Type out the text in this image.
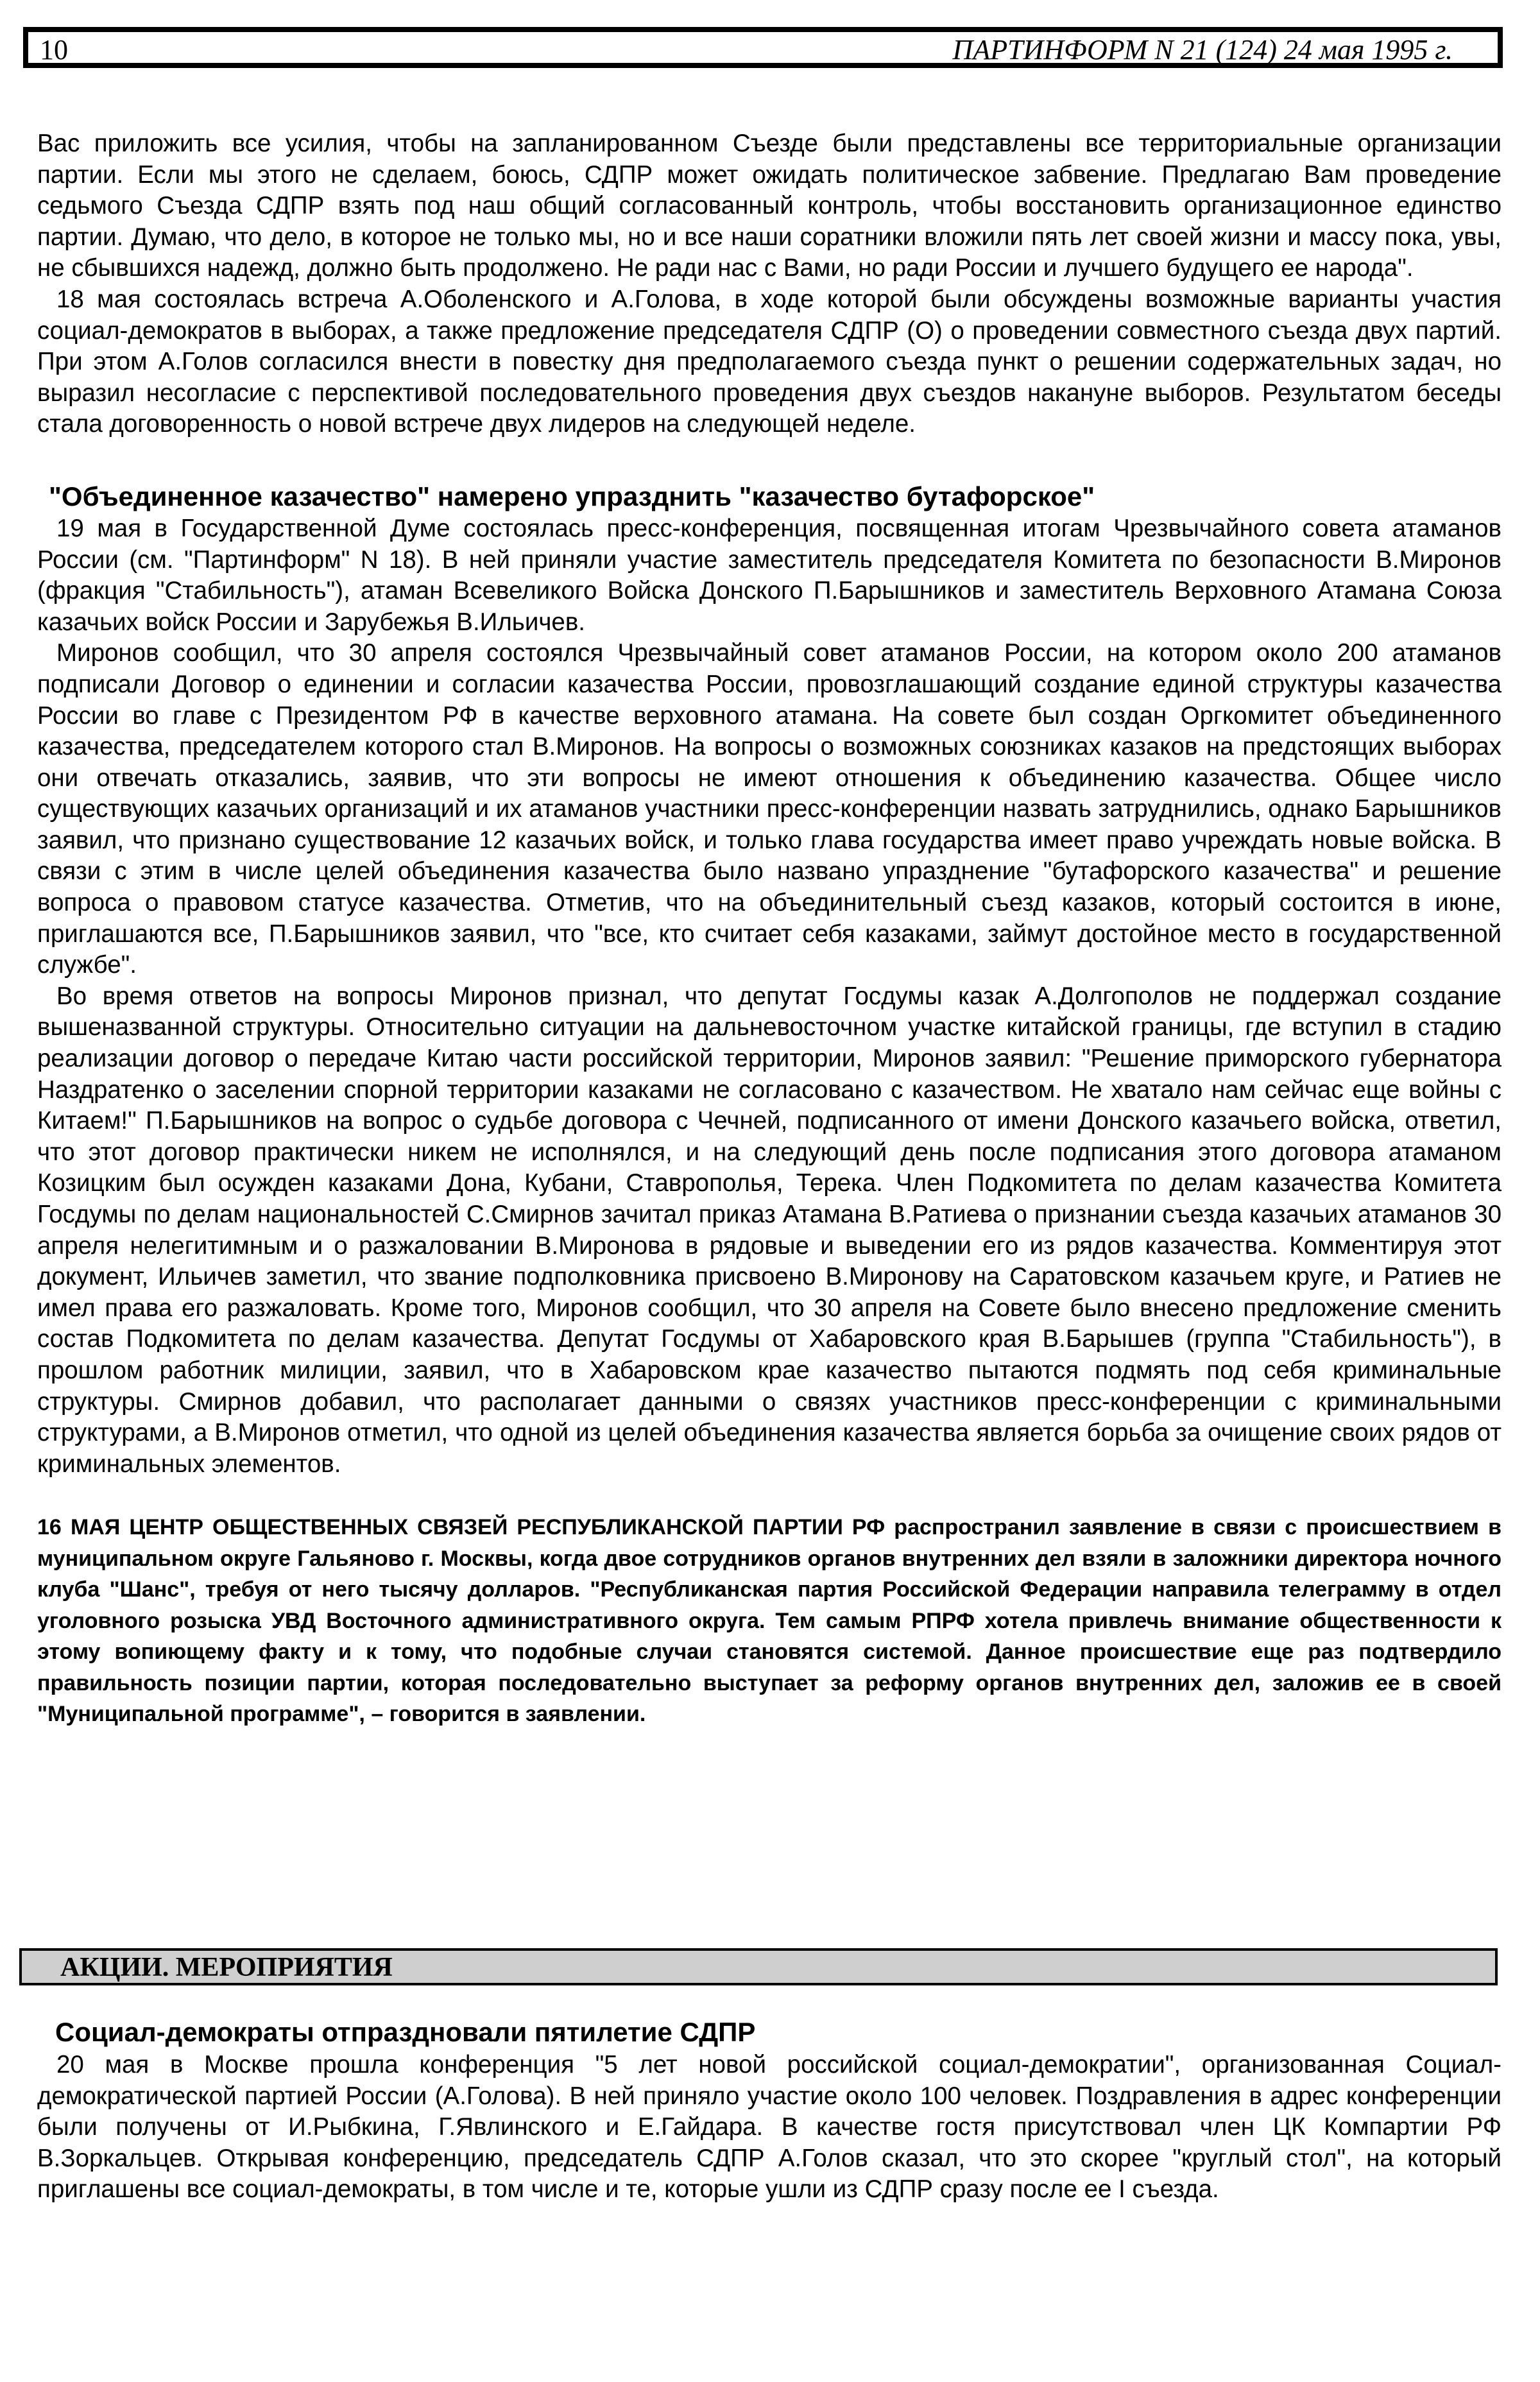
10	ПАРТИНФОРМ N 21 (124) 24 мая 1995 г.

Вас приложить все усилия, чтобы на запланированном Съезде были представлены все территориальные организации партии. Если мы этого не сделаем, боюсь, СДПР может ожидать политическое забвение. Предлагаю Вам проведение седьмого Съезда СДПР взять под наш общий согласованный контроль, чтобы восстановить организационное единство партии. Думаю, что дело, в которое не только мы, но и все наши соратники вложили пять лет своей жизни и массу пока, увы, не сбывшихся надежд, должно быть продолжено. Не ради нас с Вами, но ради России и лучшего будущего ее народа".

18 мая состоялась встреча А.Оболенского и А.Голова, в ходе которой были обсуждены возможные варианты участия социал-демократов в выборах, а также предложение председателя СДПР (О) о проведении совместного съезда двух партий. При этом А.Голов согласился внести в повестку дня предполагаемого съезда пункт о решении содержательных задач, но выразил несогласие с перспективой последовательного проведения двух съездов накануне выборов. Результатом беседы стала договоренность о новой встрече двух лидеров на следующей неделе.

"Объединенное казачество" намерено упразднить "казачество бутафорское"

19 мая в Государственной Думе состоялась пресс-конференция, посвященная итогам Чрезвычайного совета атаманов России (см. "Партинформ" N 18). В ней приняли участие заместитель председателя Комитета по безопасности В.Миронов (фракция "Стабильность"), атаман Всевеликого Войска Донского П.Барышников и заместитель Верховного Атамана Союза казачьих войск России и Зарубежья В.Ильичев.

Миронов сообщил, что 30 апреля состоялся Чрезвычайный совет атаманов России, на котором около 200 атаманов подписали Договор о единении и согласии казачества России, провозглашающий создание единой структуры казачества России во главе с Президентом РФ в качестве верховного атамана. На совете был создан Оргкомитет объединенного казачества, председателем которого стал В.Миронов. На вопросы о возможных союзниках казаков на предстоящих выборах они отвечать отказались, заявив, что эти вопросы не имеют отношения к объединению казачества. Общее число существующих казачьих организаций и их атаманов участники пресс-конференции назвать затруднились, однако Барышников заявил, что признано существование 12 казачьих войск, и только глава государства имеет право учреждать новые войска. В связи с этим в числе целей объединения казачества было названо упразднение "бутафорского казачества" и решение вопроса о правовом статусе казачества. Отметив, что на объединительный съезд казаков, который состоится в июне, приглашаются все, П.Барышников заявил, что "все, кто считает себя казаками, займут достойное место в государственной службе".

Во время ответов на вопросы Миронов признал, что депутат Госдумы казак А.Долгополов не поддержал создание вышеназванной структуры. Относительно ситуации на дальневосточном участке китайской границы, где вступил в стадию реализации договор о передаче Китаю части российской территории, Миронов заявил: "Решение приморского губернатора Наздратенко о заселении спорной территории казаками не согласовано с казачеством. Не хватало нам сейчас еще войны с Китаем!" П.Барышников на вопрос о судьбе договора с Чечней, подписанного от имени Донского казачьего войска, ответил, что этот договор практически никем не исполнялся, и на следующий день после подписания этого договора атаманом Козицким был осужден казаками Дона, Кубани, Ставрополья, Терека. Член Подкомитета по делам казачества Комитета Госдумы по делам национальностей С.Смирнов зачитал приказ Атамана В.Ратиева о признании съезда казачьих атаманов 30 апреля нелегитимным и о разжаловании В.Миронова в рядовые и выведении его из рядов казачества. Комментируя этот документ, Ильичев заметил, что звание подполковника присвоено В.Миронову на Саратовском казачьем круге, и Ратиев не имел права его разжаловать. Кроме того, Миронов сообщил, что 30 апреля на Совете было внесено предложение сменить состав Подкомитета по делам казачества. Депутат Госдумы от Хабаровского края В.Барышев (группа "Стабильность"), в прошлом работник милиции, заявил, что в Хабаровском крае казачество пытаются подмять под себя криминальные структуры. Смирнов добавил, что располагает данными о связях участников пресс-конференции с криминальными структурами, а В.Миронов отметил, что одной из целей объединения казачества является борьба за очищение своих рядов от криминальных элементов.

16 МАЯ ЦЕНТР ОБЩЕСТВЕННЫХ СВЯЗЕЙ РЕСПУБЛИКАНСКОЙ ПАРТИИ РФ распространил заявление в связи с происшествием в муниципальном округе Гальяново г. Москвы, когда двое сотрудников органов внутренних дел взяли в заложники директора ночного клуба "Шанс", требуя от него тысячу долларов. "Республиканская партия Российской Федерации направила телеграмму в отдел уголовного розыска УВД Восточного административного округа. Тем самым РПРФ хотела привлечь внимание общественности к этому вопиющему факту и к тому, что подобные случаи становятся системой. Данное происшествие еще раз подтвердило правильность позиции партии, которая последовательно выступает за реформу органов внутренних дел, заложив ее в своей "Муниципальной программе", – говорится в заявлении.

АКЦИИ. МЕРОПРИЯТИЯ
Социал-демократы отпраздновали пятилетие СДПР

20 мая в Москве прошла конференция "5 лет новой российской социал-демократии", организованная Социал-демократической партией России (А.Голова). В ней приняло участие около 100 человек. Поздравления в адрес конференции были получены от И.Рыбкина, Г.Явлинского и Е.Гайдара. В качестве гостя присутствовал член ЦК Компартии РФ В.Зоркальцев. Открывая конференцию, председатель СДПР А.Голов сказал, что это скорее "круглый стол", на который приглашены все социал-демократы, в том числе и те, которые ушли из СДПР сразу после ее I съезда.
